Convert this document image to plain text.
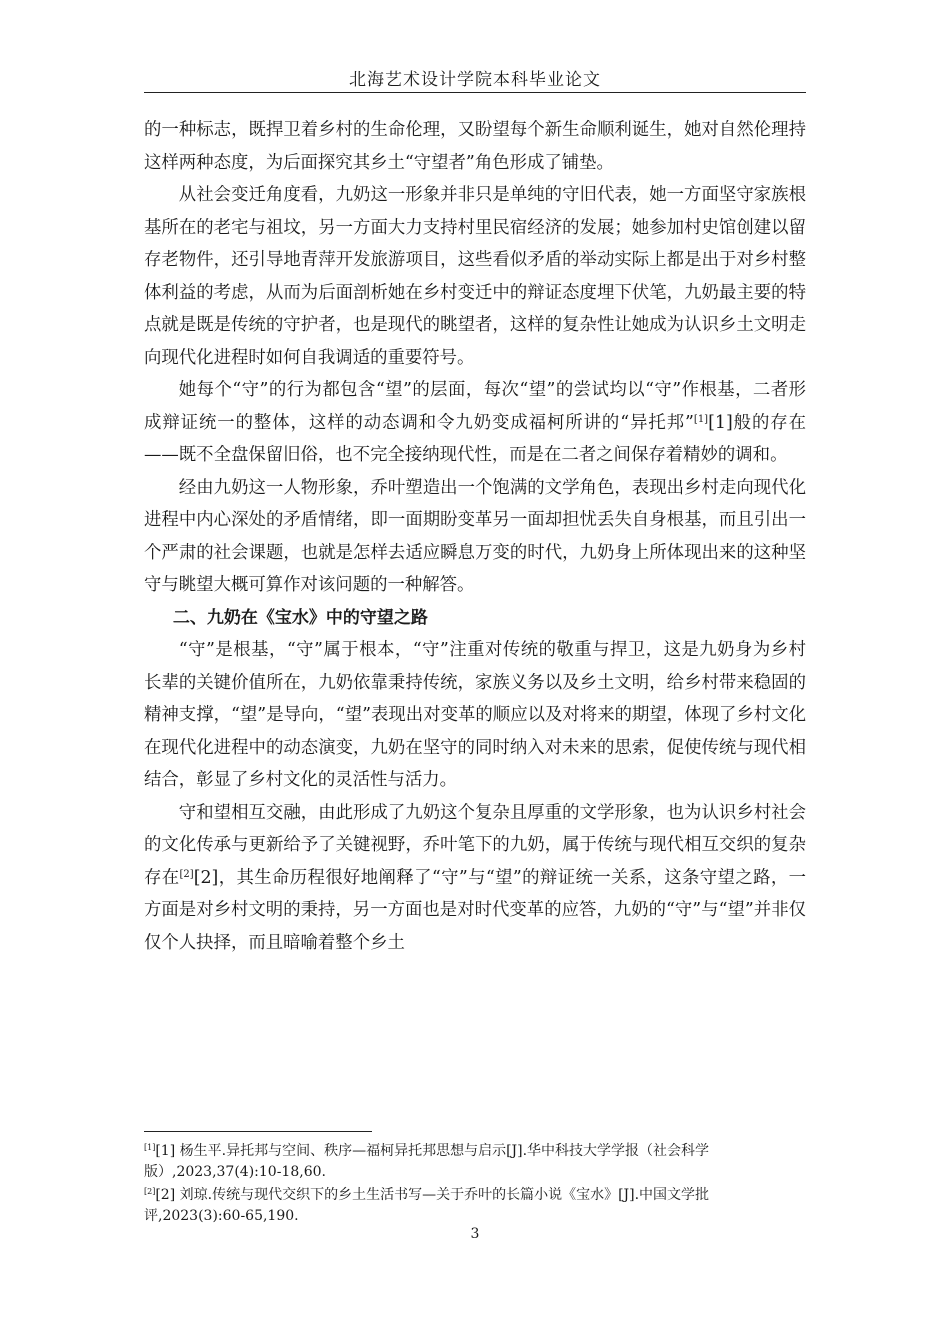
北海艺术设计学院本科毕业论文

的一种标志，既捍卫着乡村的生命伦理，又盼望每个新生命顺利诞生，她对自然伦理持这样两种态度，为后面探究其乡土“守望者”角色形成了铺垫。

从社会变迁角度看，九奶这一形象并非只是单纯的守旧代表，她一方面坚守家族根基所在的老宅与祖坟，另一方面大力支持村里民宿经济的发展；她参加村史馆创建以留存老物件，还引导地青萍开发旅游项目，这些看似矛盾的举动实际上都是出于对乡村整体利益的考虑，从而为后面剖析她在乡村变迁中的辩证态度埋下伏笔，九奶最主要的特点就是既是传统的守护者，也是现代的眺望者，这样的复杂性让她成为认识乡土文明走向现代化进程时如何自我调适的重要符号。

她每个“守”的行为都包含“望”的层面，每次“望”的尝试均以“守”作根基，二者形成辩证统一的整体，这样的动态调和令九奶变成福柯所讲的“异托邦”[1][1]般的存在——既不全盘保留旧俗，也不完全接纳现代性，而是在二者之间保存着精妙的调和。

经由九奶这一人物形象，乔叶塑造出一个饱满的文学角色，表现出乡村走向现代化进程中内心深处的矛盾情绪，即一面期盼变革另一面却担忧丢失自身根基，而且引出一个严肃的社会课题，也就是怎样去适应瞬息万变的时代，九奶身上所体现出来的这种坚守与眺望大概可算作对该问题的一种解答。

二、九奶在《宝水》中的守望之路

“守”是根基，“守”属于根本，“守”注重对传统的敬重与捍卫，这是九奶身为乡村长辈的关键价值所在，九奶依靠秉持传统，家族义务以及乡土文明，给乡村带来稳固的精神支撑，“望”是导向，“望”表现出对变革的顺应以及对将来的期望，体现了乡村文化在现代化进程中的动态演变，九奶在坚守的同时纳入对未来的思索，促使传统与现代相结合，彰显了乡村文化的灵活性与活力。

守和望相互交融，由此形成了九奶这个复杂且厚重的文学形象，也为认识乡村社会的文化传承与更新给予了关键视野，乔叶笔下的九奶，属于传统与现代相互交织的复杂存在[2][2]，其生命历程很好地阐释了“守”与“望”的辩证统一关系，这条守望之路，一方面是对乡村文明的秉持，另一方面也是对时代变革的应答，九奶的“守”与“望”并非仅仅个人抉择，而且暗喻着整个乡土

[1][1] 杨生平.异托邦与空间、秩序—福柯异托邦思想与启示[J].华中科技大学学报（社会科学版）,2023,37(4):10-18,60.

[2][2] 刘琼.传统与现代交织下的乡土生活书写—关于乔叶的长篇小说《宝水》[J].中国文学批评,2023(3):60-65,190.

3
